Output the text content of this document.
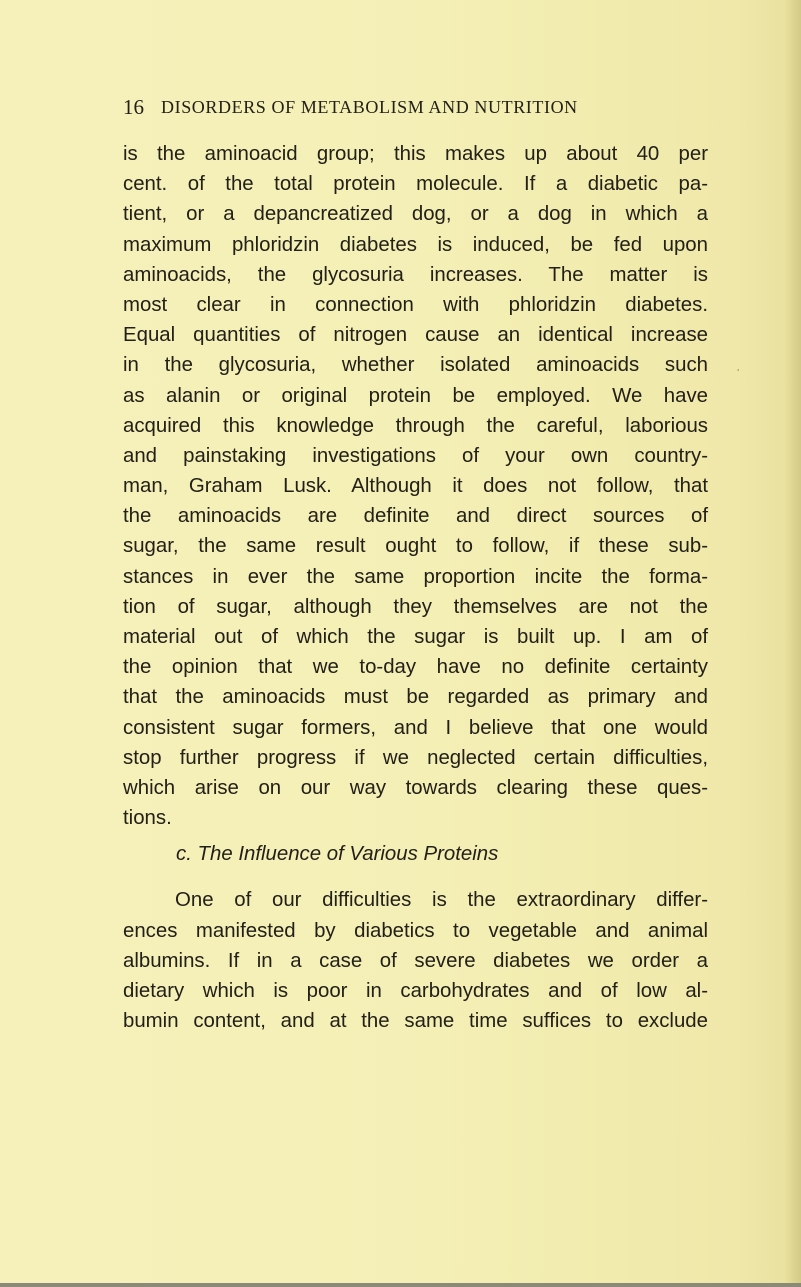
16 DISORDERS OF METABOLISM AND NUTRITION
is the aminoacid group; this makes up about 40 per
cent. of the total protein molecule. If a diabetic pa-
tient, or a depancreatized dog, or a dog in which a
maximum phloridzin diabetes is induced, be fed upon
aminoacids, the glycosuria increases. The matter is
most clear in connection with phloridzin diabetes.
Equal quantities of nitrogen cause an identical increase
in the glycosuria, whether isolated aminoacids such
as alanin or original protein be employed. We have
acquired this knowledge through the careful, laborious
and painstaking investigations of your own country-
man, Graham Lusk. Although it does not follow, that
the aminoacids are definite and direct sources of
sugar, the same result ought to follow, if these sub-
stances in ever the same proportion incite the forma-
tion of sugar, although they themselves are not the
material out of which the sugar is built up. I am of
the opinion that we to-day have no definite certainty
that the aminoacids must be regarded as primary and
consistent sugar formers, and I believe that one would
stop further progress if we neglected certain difficulties,
which arise on our way towards clearing these ques-
tions.
c. The Influence of Various Proteins
One of our difficulties is the extraordinary differ-
ences manifested by diabetics to vegetable and animal
albumins. If in a case of severe diabetes we order a
dietary which is poor in carbohydrates and of low al-
bumin content, and at the same time suffices to exclude
·
